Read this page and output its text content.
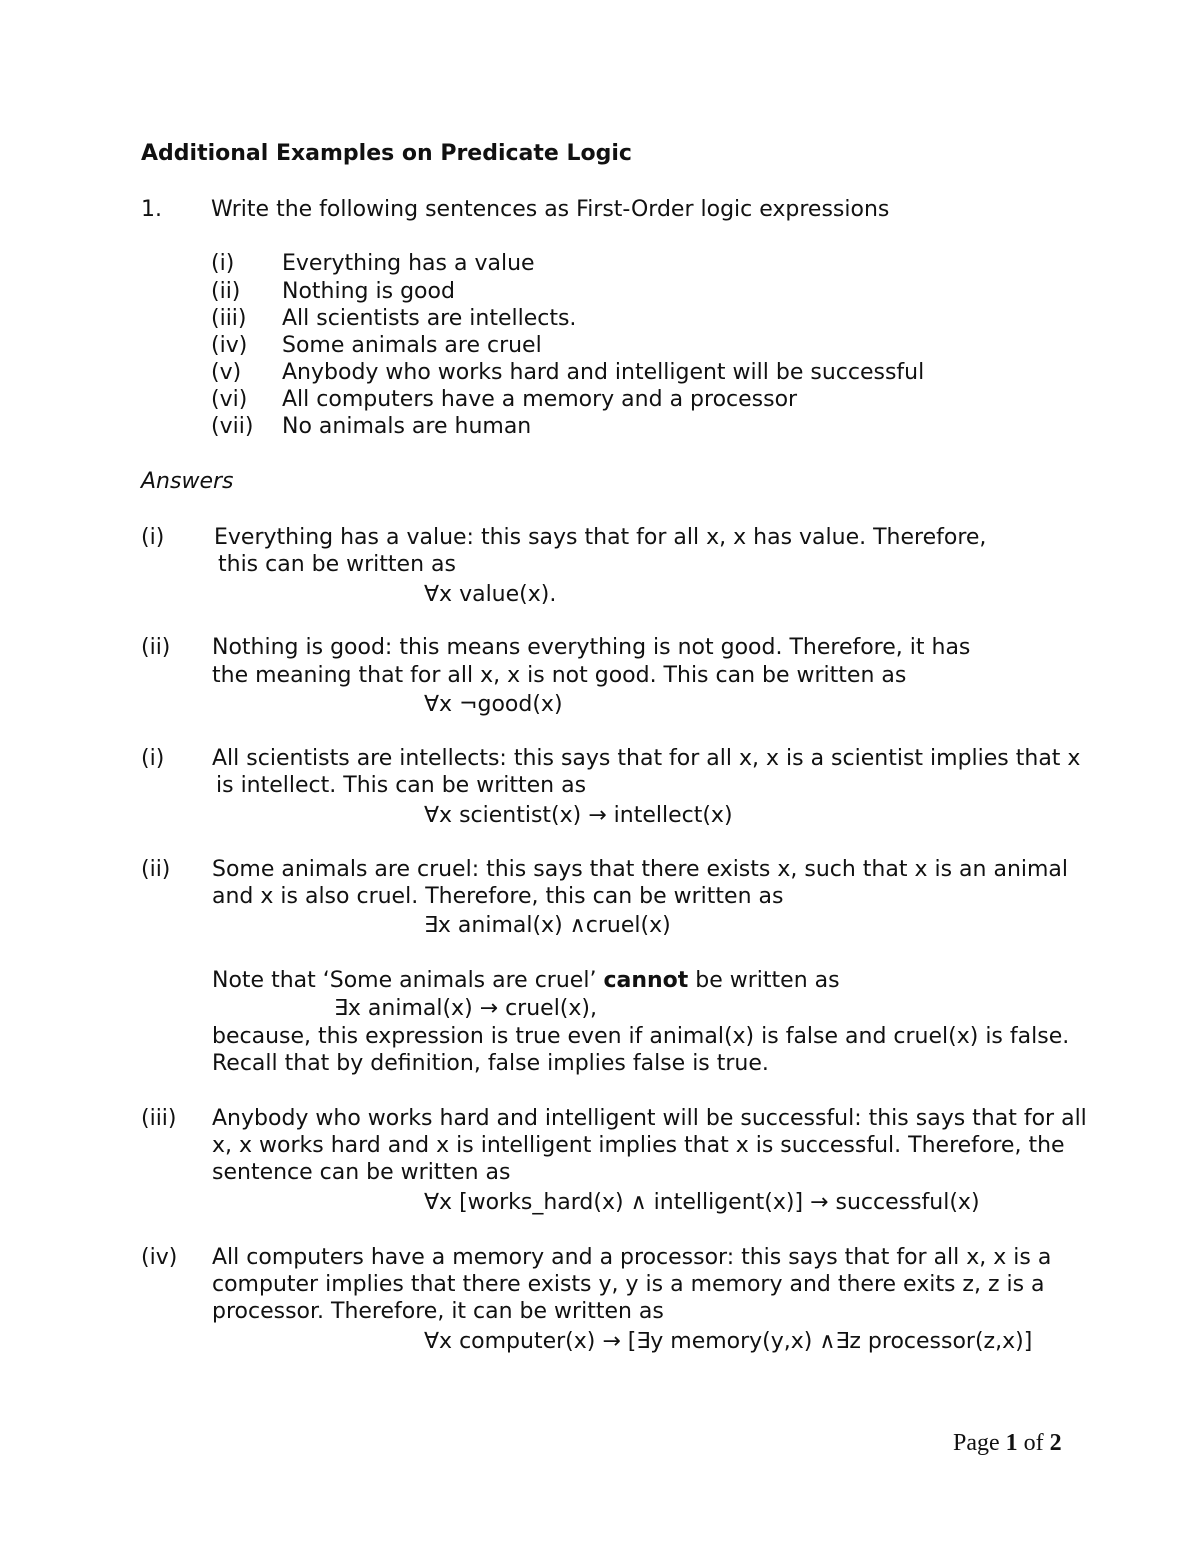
Additional Examples on Predicate Logic
1. Write the following sentences as First-Order logic expressions
(i) Everything has a value
(ii) Nothing is good
(iii) All scientists are intellects.
(iv) Some animals are cruel
(v) Anybody who works hard and intelligent will be successful
(vi) All computers have a memory and a processor
(vii) No animals are human
Answers
(i) Everything has a value: this says that for all x, x has value. Therefore,
this can be written as
∀x value(x).
(ii) Nothing is good: this means everything is not good. Therefore, it has
the meaning that for all x, x is not good. This can be written as
∀x ¬good(x)
(i) All scientists are intellects: this says that for all x, x is a scientist implies that x
is intellect. This can be written as
∀x scientist(x) → intellect(x)
(ii) Some animals are cruel: this says that there exists x, such that x is an animal
and x is also cruel. Therefore, this can be written as
∃x animal(x) ∧cruel(x)
Note that ‘Some animals are cruel’ cannot be written as
∃x animal(x) → cruel(x),
because, this expression is true even if animal(x) is false and cruel(x) is false.
Recall that by definition, false implies false is true.
(iii) Anybody who works hard and intelligent will be successful: this says that for all
x, x works hard and x is intelligent implies that x is successful. Therefore, the
sentence can be written as
∀x [works_hard(x) ∧ intelligent(x)] → successful(x)
(iv) All computers have a memory and a processor: this says that for all x, x is a
computer implies that there exists y, y is a memory and there exits z, z is a
processor. Therefore, it can be written as
∀x computer(x) → [∃y memory(y,x) ∧∃z processor(z,x)]
Page 1 of 2
